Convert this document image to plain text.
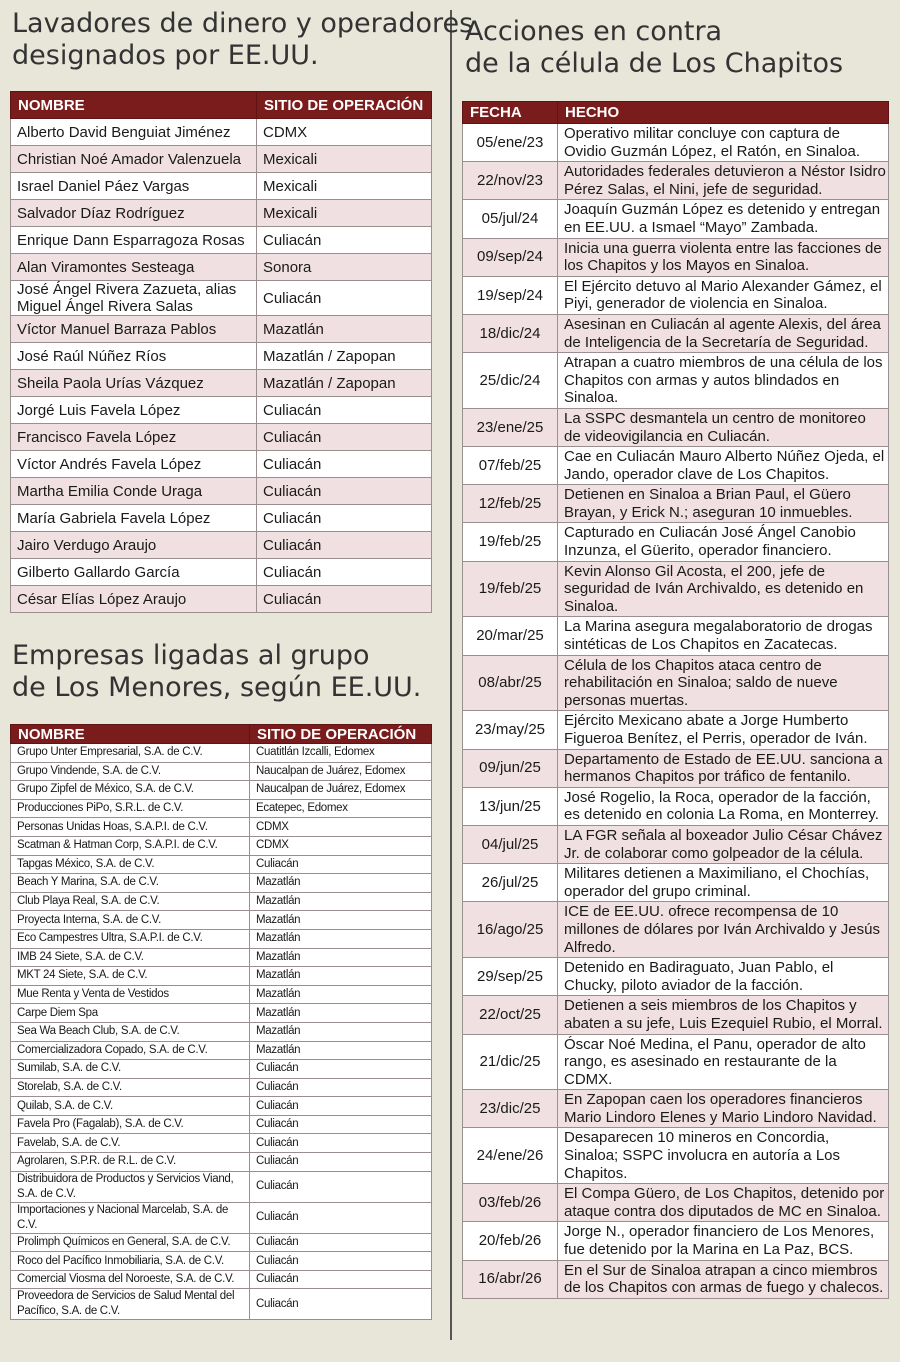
Lavadores de dinero y operadores
designados por EE.UU.
NOMBRE	SITIO DE OPERACIÓN
Alberto David Benguiat Jiménez	CDMX
Christian Noé Amador Valenzuela	Mexicali
Israel Daniel Páez Vargas	Mexicali
Salvador Díaz Rodríguez	Mexicali
Enrique Dann Esparragoza Rosas	Culiacán
Alan Viramontes Sesteaga	Sonora
José Ángel Rivera Zazueta, alias Miguel Ángel Rivera Salas	Culiacán
Víctor Manuel Barraza Pablos	Mazatlán
José Raúl Núñez Ríos	Mazatlán / Zapopan
Sheila Paola Urías Vázquez	Mazatlán / Zapopan
Jorgé Luis Favela López	Culiacán
Francisco Favela López	Culiacán
Víctor Andrés Favela López	Culiacán
Martha Emilia Conde Uraga	Culiacán
María Gabriela Favela López	Culiacán
Jairo Verdugo Araujo	Culiacán
Gilberto Gallardo García	Culiacán
César Elías López Araujo	Culiacán
Empresas ligadas al grupo
de Los Menores, según EE.UU.
NOMBRE	SITIO DE OPERACIÓN
Grupo Unter Empresarial, S.A. de C.V.	Cuatitlán Izcalli, Edomex
Grupo Vindende, S.A. de C.V.	Naucalpan de Juárez, Edomex
Grupo Zipfel de México, S.A. de C.V.	Naucalpan de Juárez, Edomex
Producciones PiPo, S.R.L. de C.V.	Ecatepec, Edomex
Personas Unidas Hoas, S.A.P.I. de C.V.	CDMX
Scatman & Hatman Corp, S.A.P.I. de C.V.	CDMX
Tapgas México, S.A. de C.V.	Culiacán
Beach Y Marina, S.A. de C.V.	Mazatlán
Club Playa Real, S.A. de C.V.	Mazatlán
Proyecta Interna, S.A. de C.V.	Mazatlán
Eco Campestres Ultra, S.A.P.I. de C.V.	Mazatlán
IMB 24 Siete, S.A. de C.V.	Mazatlán
MKT 24 Siete, S.A. de C.V.	Mazatlán
Mue Renta y Venta de Vestidos	Mazatlán
Carpe Diem Spa	Mazatlán
Sea Wa Beach Club, S.A. de C.V.	Mazatlán
Comercializadora Copado, S.A. de C.V.	Mazatlán
Sumilab, S.A. de C.V.	Culiacán
Storelab, S.A. de C.V.	Culiacán
Quilab, S.A. de C.V.	Culiacán
Favela Pro (Fagalab), S.A. de C.V.	Culiacán
Favelab, S.A. de C.V.	Culiacán
Agrolaren, S.P.R. de R.L. de C.V.	Culiacán
Distribuidora de Productos y Servicios Viand, S.A. de C.V.	Culiacán
Importaciones y Nacional Marcelab, S.A. de C.V.	Culiacán
Prolimph Químicos en General, S.A. de C.V.	Culiacán
Roco del Pacífico Inmobiliaria, S.A. de C.V.	Culiacán
Comercial Viosma del Noroeste, S.A. de C.V.	Culiacán
Proveedora de Servicios de Salud Mental del Pacífico, S.A. de C.V.	Culiacán
Acciones en contra
de la célula de Los Chapitos
FECHA	HECHO
05/ene/23	Operativo militar concluye con captura de Ovidio Guzmán López, el Ratón, en Sinaloa.
22/nov/23	Autoridades federales detuvieron a Néstor Isidro Pérez Salas, el Nini, jefe de seguridad.
05/jul/24	Joaquín Guzmán López es detenido y entregan en EE.UU. a Ismael “Mayo” Zambada.
09/sep/24	Inicia una guerra violenta entre las facciones de los Chapitos y los Mayos en Sinaloa.
19/sep/24	El Ejército detuvo al Mario Alexander Gámez, el Piyi, generador de violencia en Sinaloa.
18/dic/24	Asesinan en Culiacán al agente Alexis, del área de Inteligencia de la Secretaría de Seguridad.
25/dic/24	Atrapan a cuatro miembros de una célula de los Chapitos con armas y autos blindados en Sinaloa.
23/ene/25	La SSPC desmantela un centro de monitoreo de videovigilancia en Culiacán.
07/feb/25	Cae en Culiacán Mauro Alberto Núñez Ojeda, el Jando, operador clave de Los Chapitos.
12/feb/25	Detienen en Sinaloa a Brian Paul, el Güero Brayan, y Erick N.; aseguran 10 inmuebles.
19/feb/25	Capturado en Culiacán José Ángel Canobio Inzunza, el Güerito, operador financiero.
19/feb/25	Kevin Alonso Gil Acosta, el 200, jefe de seguridad de Iván Archivaldo, es detenido en Sinaloa.
20/mar/25	La Marina asegura megalaboratorio de drogas sintéticas de Los Chapitos en Zacatecas.
08/abr/25	Célula de los Chapitos ataca centro de rehabilitación en Sinaloa; saldo de nueve personas muertas.
23/may/25	Ejército Mexicano abate a Jorge Humberto Figueroa Benítez, el Perris, operador de Iván.
09/jun/25	Departamento de Estado de EE.UU. sanciona a hermanos Chapitos por tráfico de fentanilo.
13/jun/25	José Rogelio, la Roca, operador de la facción, es detenido en colonia La Roma, en Monterrey.
04/jul/25	LA FGR señala al boxeador Julio César Chávez Jr. de colaborar como golpeador de la célula.
26/jul/25	Militares detienen a Maximiliano, el Chochías, operador del grupo criminal.
16/ago/25	ICE de EE.UU. ofrece recompensa de 10 millones de dólares por Iván Archivaldo y Jesús Alfredo.
29/sep/25	Detenido en Badiraguato, Juan Pablo, el Chucky, piloto aviador de la facción.
22/oct/25	Detienen a seis miembros de los Chapitos y abaten a su jefe, Luis Ezequiel Rubio, el Morral.
21/dic/25	Óscar Noé Medina, el Panu, operador de alto rango, es asesinado en restaurante de la CDMX.
23/dic/25	En Zapopan caen los operadores financieros Mario Lindoro Elenes y Mario Lindoro Navidad.
24/ene/26	Desaparecen 10 mineros en Concordia, Sinaloa; SSPC involucra en autoría a Los Chapitos.
03/feb/26	El Compa Güero, de Los Chapitos, detenido por ataque contra dos diputados de MC en Sinaloa.
20/feb/26	Jorge N., operador financiero de Los Menores, fue detenido por la Marina en La Paz, BCS.
16/abr/26	En el Sur de Sinaloa atrapan a cinco miembros de los Chapitos con armas de fuego y chalecos.
